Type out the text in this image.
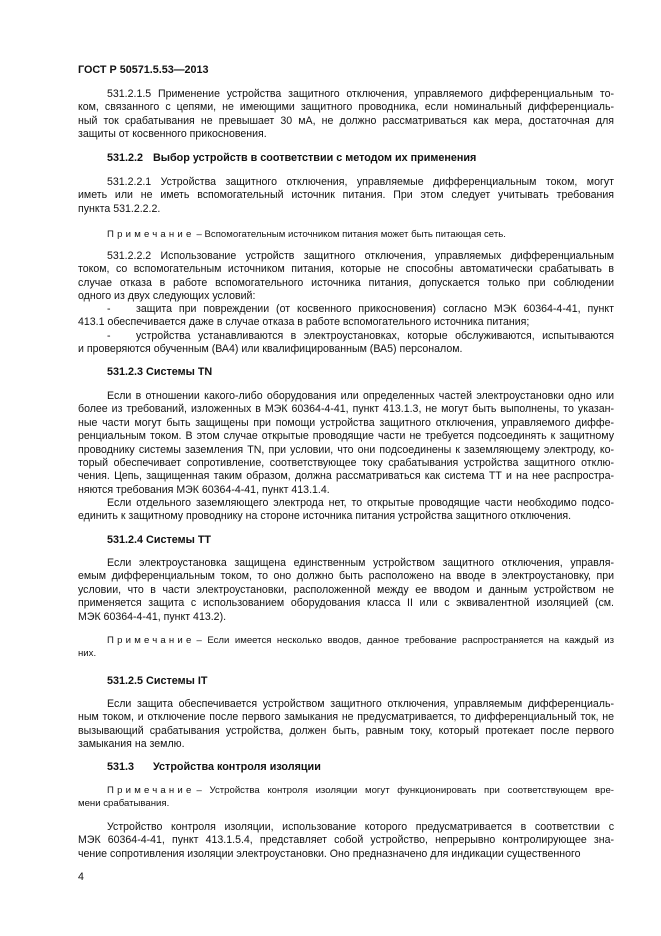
ГОСТ Р 50571.5.53—2013
531.2.1.5 Применение устройства защитного отключения, управляемого дифференциальным то-
ком, связанного с цепями, не имеющими защитного проводника, если номинальный дифференциаль-
ный ток срабатывания не превышает 30 мА, не должно рассматриваться как мера, достаточная для
защиты от косвенного прикосновения.
531.2.2 Выбор устройств в соответствии с методом их применения
531.2.2.1 Устройства защитного отключения, управляемые дифференциальным током, могут
иметь или не иметь вспомогательный источник питания. При этом следует учитывать требования
пункта 531.2.2.2.
Примечание – Вспомогательным источником питания может быть питающая сеть.
531.2.2.2 Использование устройств защитного отключения, управляемых дифференциальным
током, со вспомогательным источником питания, которые не способны автоматически срабатывать в
случае отказа в работе вспомогательного источника питания, допускается только при соблюдении
одного из двух следующих условий:
- защита при повреждении (от косвенного прикосновения) согласно МЭК 60364-4-41, пункт
413.1 обеспечивается даже в случае отказа в работе вспомогательного источника питания;
- устройства устанавливаются в электроустановках, которые обслуживаются, испытываются
и проверяются обученным (ВА4) или квалифицированным (ВА5) персоналом.
531.2.3 Системы TN
Если в отношении какого-либо оборудования или определенных частей электроустановки одно или
более из требований, изложенных в МЭК 60364-4-41, пункт 413.1.3, не могут быть выполнены, то указан-
ные части могут быть защищены при помощи устройства защитного отключения, управляемого диффе-
ренциальным током. В этом случае открытые проводящие части не требуется подсоединять к защитному
проводнику системы заземления TN, при условии, что они подсоединены к заземляющему электроду, ко-
торый обеспечивает сопротивление, соответствующее току срабатывания устройства защитного отклю-
чения. Цепь, защищенная таким образом, должна рассматриваться как система ТТ и на нее распростра-
няются требования МЭК 60364-4-41, пункт 413.1.4.
Если отдельного заземляющего электрода нет, то открытые проводящие части необходимо подсо-
единить к защитному проводнику на стороне источника питания устройства защитного отключения.
531.2.4 Системы ТТ
Если электроустановка защищена единственным устройством защитного отключения, управля-
емым дифференциальным током, то оно должно быть расположено на вводе в электроустановку, при
условии, что в части электроустановки, расположенной между ее вводом и данным устройством не
применяется защита с использованием оборудования класса II или с эквивалентной изоляцией (см.
МЭК 60364-4-41, пункт 413.2).
Примечание – Если имеется несколько вводов, данное требование распространяется на каждый из
них.
531.2.5 Системы IT
Если защита обеспечивается устройством защитного отключения, управляемым дифференциаль-
ным током, и отключение после первого замыкания не предусматривается, то дифференциальный ток, не
вызывающий срабатывания устройства, должен быть, равным току, который протекает после первого
замыкания на землю.
531.3 Устройства контроля изоляции
Примечание – Устройства контроля изоляции могут функционировать при соответствующем вре-
мени срабатывания.
Устройство контроля изоляции, использование которого предусматривается в соответствии с
МЭК 60364-4-41, пункт 413.1.5.4, представляет собой устройство, непрерывно контролирующее зна-
чение сопротивления изоляции электроустановки. Оно предназначено для индикации существенного
4
